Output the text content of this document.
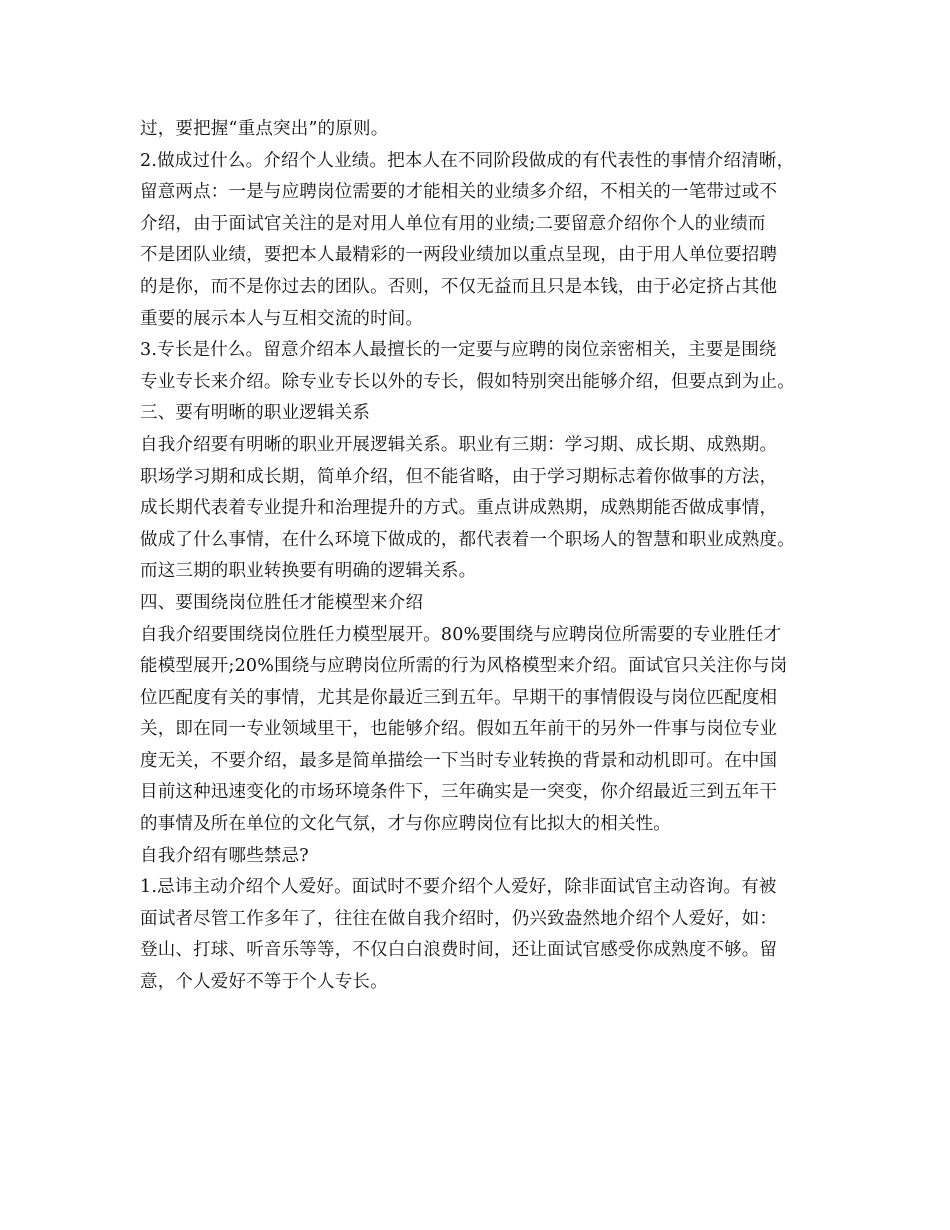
过，要把握“重点突出”的原则。
2.做成过什么。介绍个人业绩。把本人在不同阶段做成的有代表性的事情介绍清晰，
留意两点：一是与应聘岗位需要的才能相关的业绩多介绍，不相关的一笔带过或不
介绍，由于面试官关注的是对用人单位有用的业绩;二要留意介绍你个人的业绩而
不是团队业绩，要把本人最精彩的一两段业绩加以重点呈现，由于用人单位要招聘
的是你，而不是你过去的团队。否则，不仅无益而且只是本钱，由于必定挤占其他
重要的展示本人与互相交流的时间。
3.专长是什么。留意介绍本人最擅长的一定要与应聘的岗位亲密相关，主要是围绕
专业专长来介绍。除专业专长以外的专长，假如特别突出能够介绍，但要点到为止。
三、要有明晰的职业逻辑关系
自我介绍要有明晰的职业开展逻辑关系。职业有三期：学习期、成长期、成熟期。
职场学习期和成长期，简单介绍，但不能省略，由于学习期标志着你做事的方法，
成长期代表着专业提升和治理提升的方式。重点讲成熟期，成熟期能否做成事情，
做成了什么事情，在什么环境下做成的，都代表着一个职场人的智慧和职业成熟度。
而这三期的职业转换要有明确的逻辑关系。
四、要围绕岗位胜任才能模型来介绍
自我介绍要围绕岗位胜任力模型展开。80%要围绕与应聘岗位所需要的专业胜任才
能模型展开;20%围绕与应聘岗位所需的行为风格模型来介绍。面试官只关注你与岗
位匹配度有关的事情，尤其是你最近三到五年。早期干的事情假设与岗位匹配度相
关，即在同一专业领域里干，也能够介绍。假如五年前干的另外一件事与岗位专业
度无关，不要介绍，最多是简单描绘一下当时专业转换的背景和动机即可。在中国
目前这种迅速变化的市场环境条件下，三年确实是一突变，你介绍最近三到五年干
的事情及所在单位的文化气氛，才与你应聘岗位有比拟大的相关性。
自我介绍有哪些禁忌?
1.忌讳主动介绍个人爱好。面试时不要介绍个人爱好，除非面试官主动咨询。有被
面试者尽管工作多年了，往往在做自我介绍时，仍兴致盎然地介绍个人爱好，如：
登山、打球、听音乐等等，不仅白白浪费时间，还让面试官感受你成熟度不够。留
意，个人爱好不等于个人专长。
